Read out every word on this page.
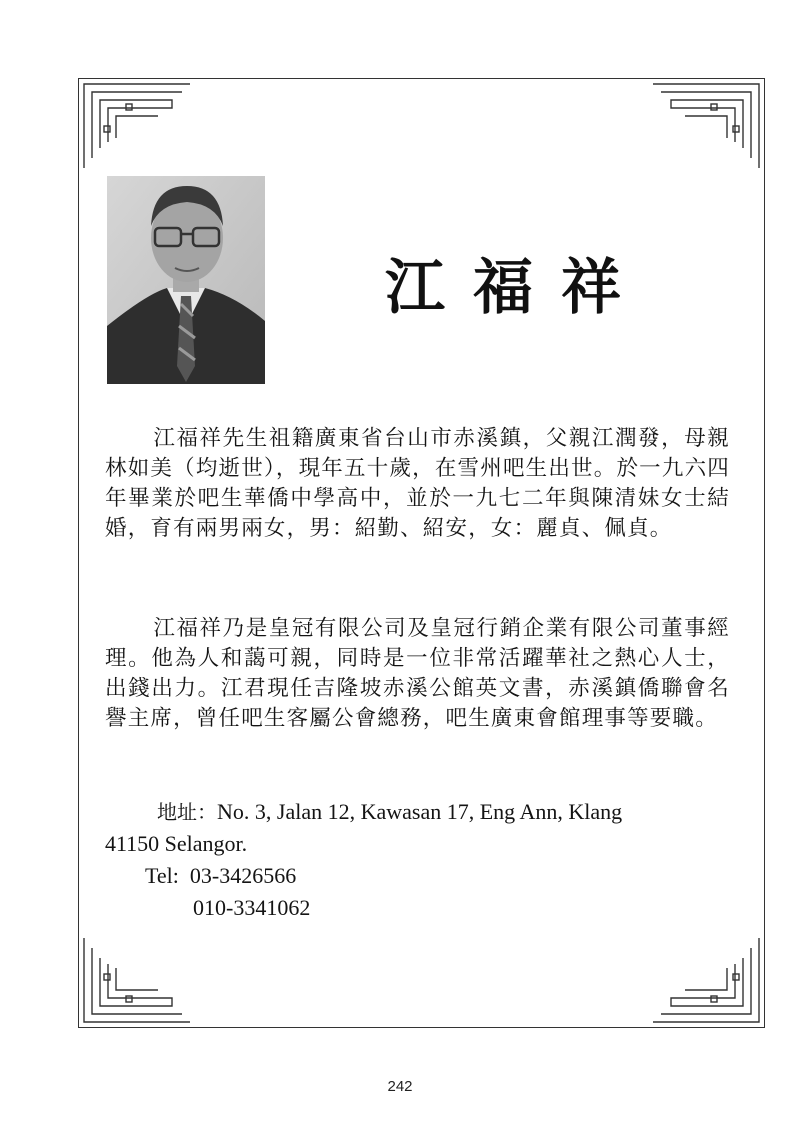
江福祥

江福祥先生祖籍廣東省台山市赤溪鎮，父親江潤發，母親林如美（均逝世），現年五十歲，在雪州吧生出世。於一九六四年畢業於吧生華僑中學高中，並於一九七二年與陳清妹女士結婚，育有兩男兩女，男：紹勤、紹安，女：麗貞、佩貞。

江福祥乃是皇冠有限公司及皇冠行銷企業有限公司董事經理。他為人和藹可親，同時是一位非常活躍華社之熱心人士，出錢出力。江君現任吉隆坡赤溪公館英文書，赤溪鎮僑聯會名譽主席，曾任吧生客屬公會總務，吧生廣東會館理事等要職。

地址：No. 3, Jalan 12, Kawasan 17, Eng Ann, Klang
41150 Selangor.
Tel: 03-3426566
010-3341062
242
